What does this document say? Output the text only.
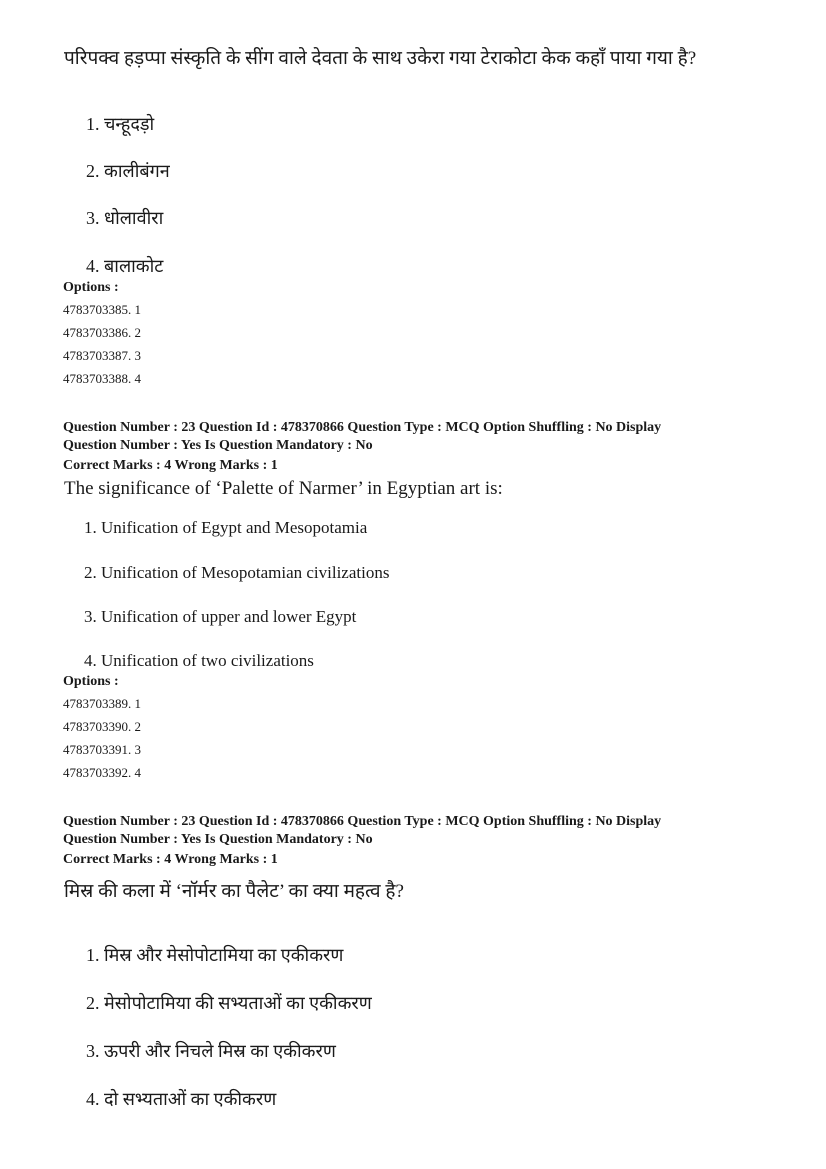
परिपक्व हड़प्पा संस्कृति के सींग वाले देवता के साथ उकेरा गया टेराकोटा केक कहाँ पाया गया है?
1. चन्हूदड़ो
2. कालीबंगन
3. धोलावीरा
4. बालाकोट
Options :
4783703385. 1
4783703386. 2
4783703387. 3
4783703388. 4
Question Number : 23 Question Id : 478370866 Question Type : MCQ Option Shuffling : No Display
Question Number : Yes Is Question Mandatory : No
Correct Marks : 4 Wrong Marks : 1
The significance of ‘Palette of Narmer’ in Egyptian art is:
1. Unification of Egypt and Mesopotamia
2. Unification of Mesopotamian civilizations
3. Unification of upper and lower Egypt
4. Unification of two civilizations
Options :
4783703389. 1
4783703390. 2
4783703391. 3
4783703392. 4
Question Number : 23 Question Id : 478370866 Question Type : MCQ Option Shuffling : No Display
Question Number : Yes Is Question Mandatory : No
Correct Marks : 4 Wrong Marks : 1
मिस्र की कला में ‘नॉर्मर का पैलेट’ का क्या महत्व है?
1. मिस्र और मेसोपोटामिया का एकीकरण
2. मेसोपोटामिया की सभ्यताओं का एकीकरण
3. ऊपरी और निचले मिस्र का एकीकरण
4. दो सभ्यताओं का एकीकरण
